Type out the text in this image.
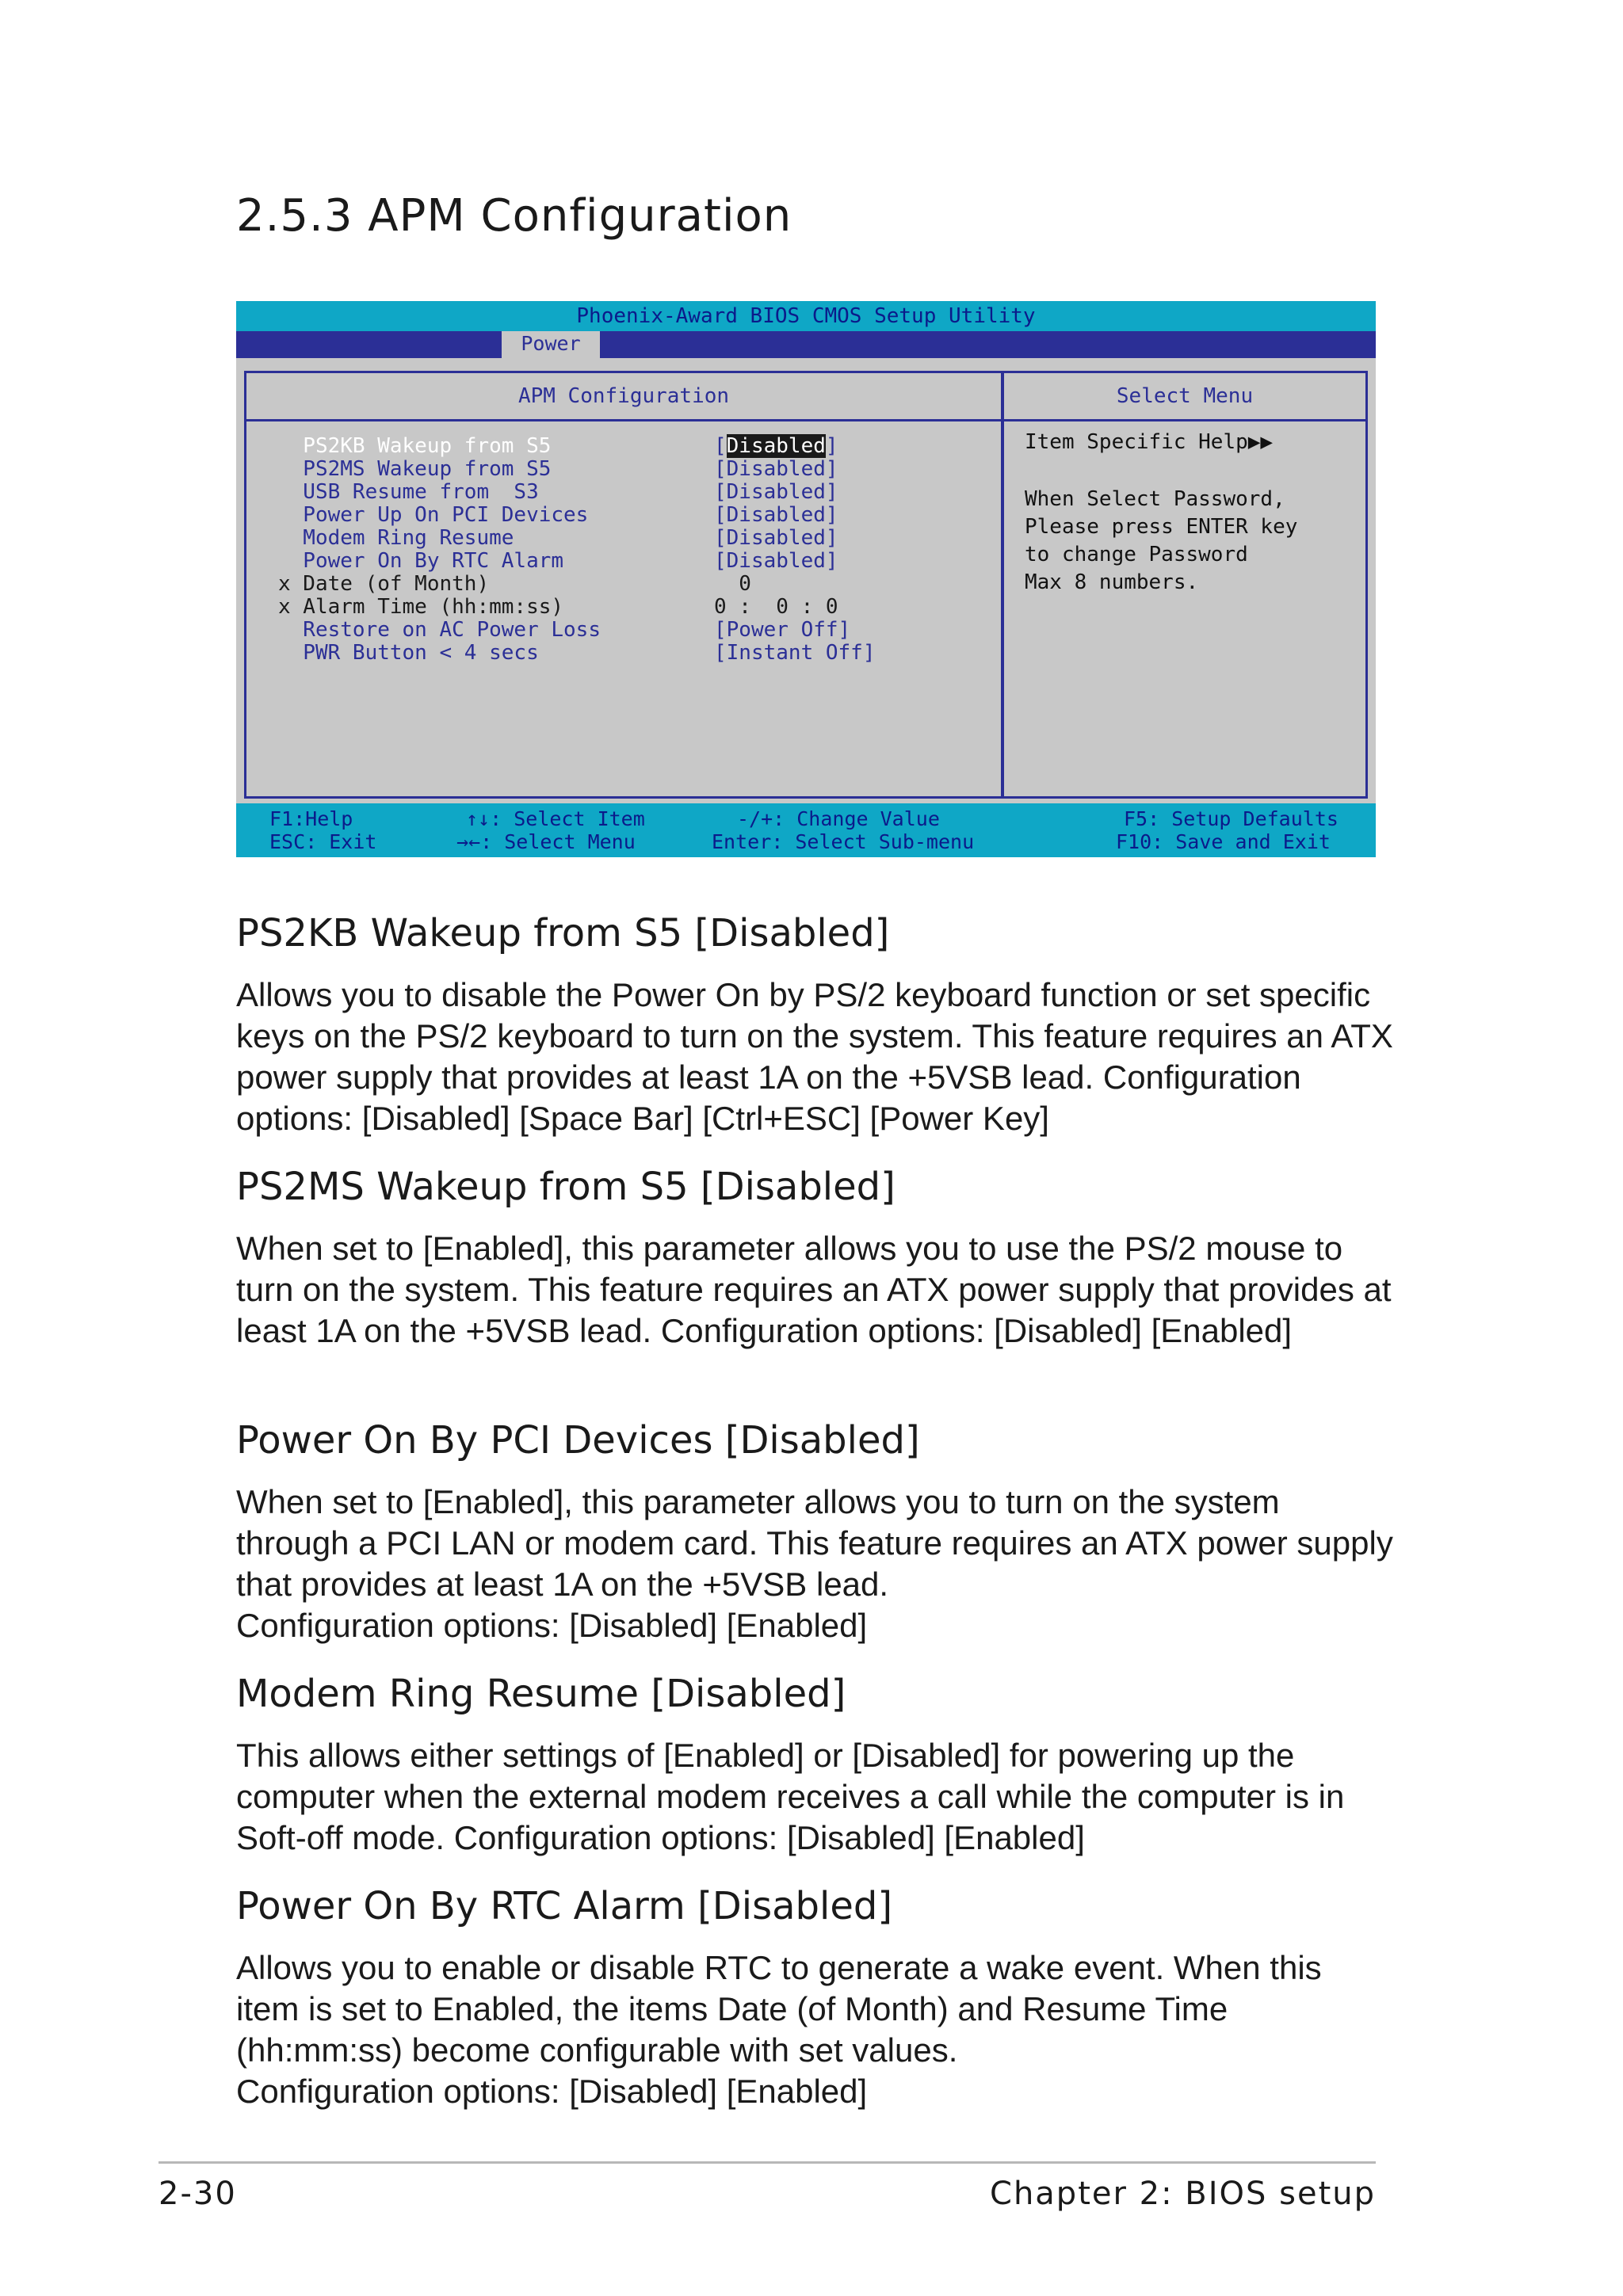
2.5.3 APM Configuration
Phoenix-Award BIOS CMOS Setup Utility
Power
APM Configuration
PS2KB Wakeup from S5	[Disabled]
PS2MS Wakeup from S5	[Disabled]
USB Resume from  S3	[Disabled]
Power Up On PCI Devices	[Disabled]
Modem Ring Resume	[Disabled]
Power On By RTC Alarm	[Disabled]
x Date (of Month)	0
x Alarm Time (hh:mm:ss)	0 :  0 : 0
Restore on AC Power Loss	[Power Off]
PWR Button < 4 secs	[Instant Off]
Select Menu
Item Specific Help▶▶
When Select Password,
Please press ENTER key
to change Password
Max 8 numbers.
F1:Help
ESC: Exit
↑↓: Select Item
→←: Select Menu
-/+: Change Value
Enter: Select Sub-menu
F5: Setup Defaults
F10: Save and Exit
PS2KB Wakeup from S5 [Disabled]

Allows you to disable the Power On by PS/2 keyboard function or set specific keys on the PS/2 keyboard to turn on the system. This feature requires an ATX power supply that provides at least 1A on the +5VSB lead. Configuration options: [Disabled] [Space Bar] [Ctrl+ESC] [Power Key]

PS2MS Wakeup from S5 [Disabled]

When set to [Enabled], this parameter allows you to use the PS/2 mouse to turn on the system. This feature requires an ATX power supply that provides at least 1A on the +5VSB lead. Configuration options: [Disabled] [Enabled]

Power On By PCI Devices [Disabled]

When set to [Enabled], this parameter allows you to turn on the system through a PCI LAN or modem card. This feature requires an ATX power supply that provides at least 1A on the +5VSB lead.
Configuration options: [Disabled] [Enabled]

Modem Ring Resume [Disabled]

This allows either settings of [Enabled] or [Disabled] for powering up the computer when the external modem receives a call while the computer is in Soft-off mode. Configuration options: [Disabled] [Enabled]

Power On By RTC Alarm [Disabled]

Allows you to enable or disable RTC to generate a wake event. When this item is set to Enabled, the items Date (of Month) and Resume Time (hh:mm:ss) become configurable with set values.
Configuration options: [Disabled] [Enabled]

2-30	Chapter 2: BIOS setup
